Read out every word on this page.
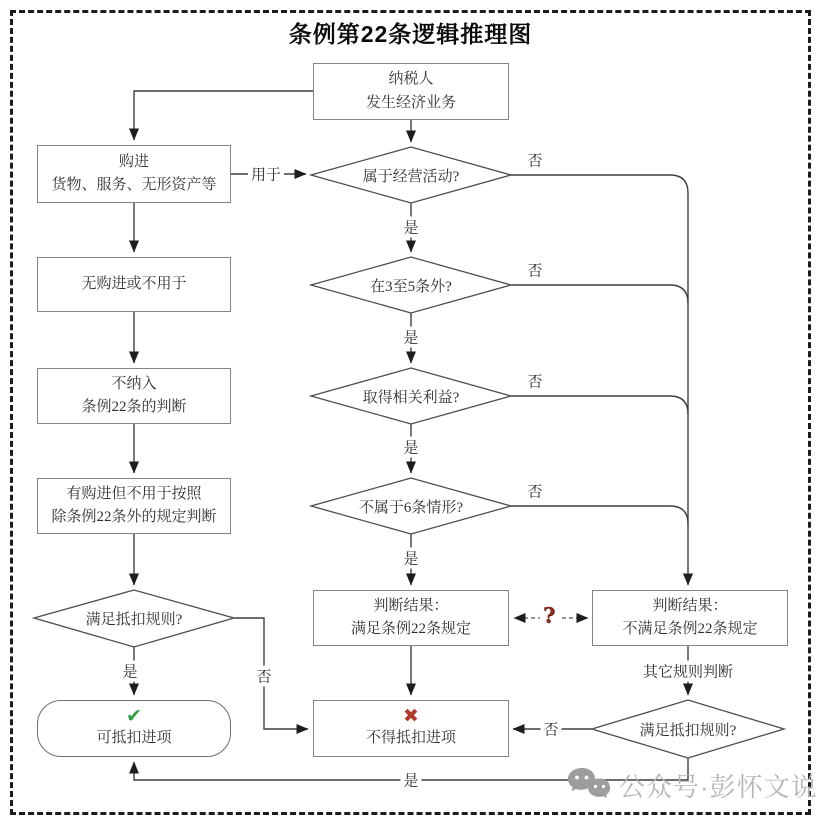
条例第22条逻辑推理图
纳税人
发生经济业务
购进
货物、服务、无形资产等
无购进或不用于
不纳入
条例22条的判断
有购进但不用于按照
除条例22条外的规定判断
判断结果：
满足条例22条规定
判断结果：
不满足条例22条规定
✖
不得抵扣进项
✔
可抵扣进项
属于经营活动?
在3至5条外?
取得相关利益?
不属于6条情形?
满足抵扣规则?
满足抵扣规则?
用于
否
否
否
否
是
是
是
是
是	否	其它规则判断
否
是
?
公众号·彭怀文说
